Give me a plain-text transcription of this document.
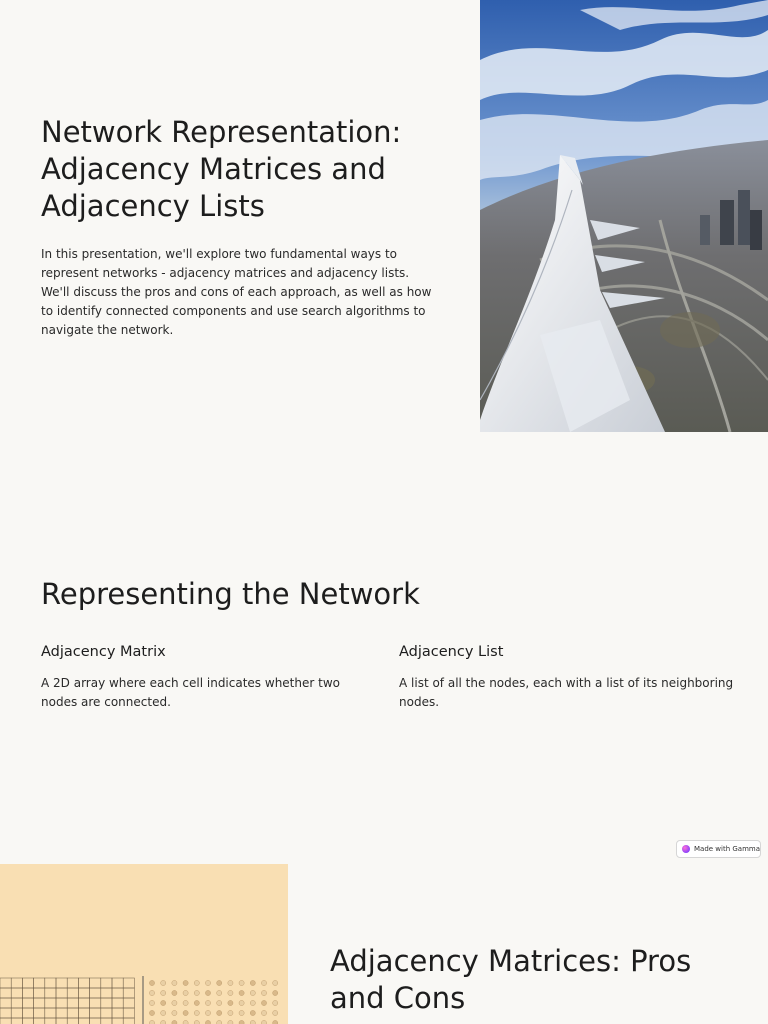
Network Representation: Adjacency Matrices and Adjacency Lists

In this presentation, we'll explore two fundamental ways to represent networks - adjacency matrices and adjacency lists. We'll discuss the pros and cons of each approach, as well as how to identify connected components and use search algorithms to navigate the network.

Representing the Network
Adjacency Matrix

A 2D array where each cell indicates whether two nodes are connected.

Adjacency List

A list of all the nodes, each with a list of its neighboring nodes.

Made with Gamma
Adjacency Matrices: Pros and Cons
